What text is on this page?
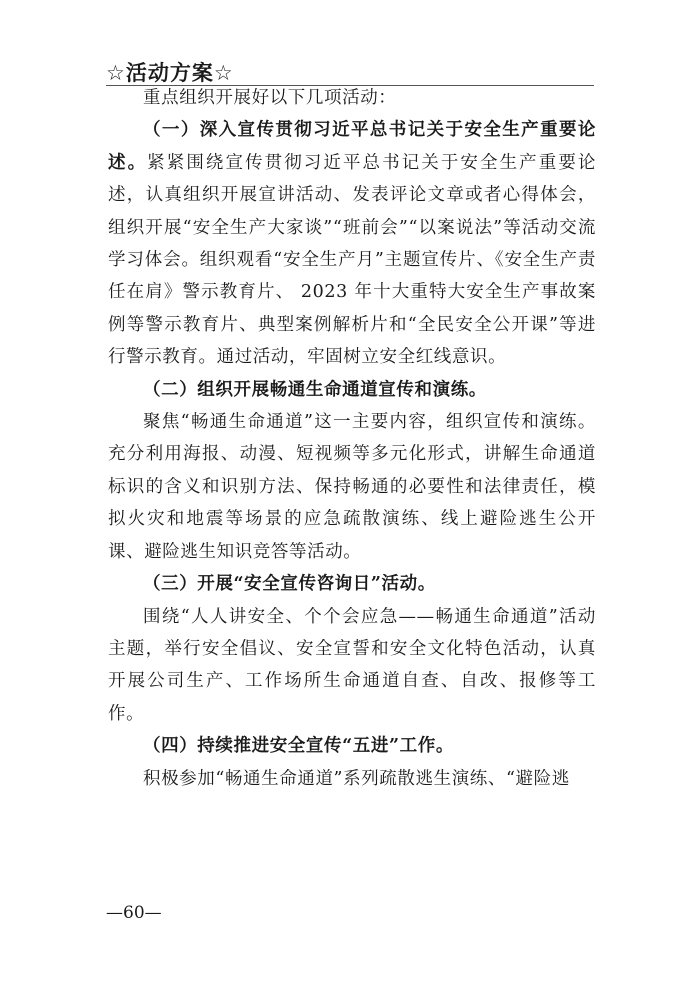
☆活动方案☆

重点组织开展好以下几项活动：

（一）深入宣传贯彻习近平总书记关于安全生产重要论述。紧紧围绕宣传贯彻习近平总书记关于安全生产重要论述，认真组织开展宣讲活动、发表评论文章或者心得体会，组织开展“安全生产大家谈”“班前会”“以案说法”等活动交流学习体会。组织观看“安全生产月”主题宣传片、《安全生产责任在肩》警示教育片、 2023 年十大重特大安全生产事故案例等警示教育片、典型案例解析片和“全民安全公开课”等进行警示教育。通过活动，牢固树立安全红线意识。

（二）组织开展畅通生命通道宣传和演练。

聚焦“畅通生命通道”这一主要内容，组织宣传和演练。充分利用海报、动漫、短视频等多元化形式，讲解生命通道标识的含义和识别方法、保持畅通的必要性和法律责任，模拟火灾和地震等场景的应急疏散演练、线上避险逃生公开课、避险逃生知识竞答等活动。

（三）开展“安全宣传咨询日”活动。

围绕“人人讲安全、个个会应急——畅通生命通道”活动主题，举行安全倡议、安全宣誓和安全文化特色活动，认真开展公司生产、工作场所生命通道自查、自改、报修等工作。

（四）持续推进安全宣传“五进”工作。

积极参加“畅通生命通道”系列疏散逃生演练、“避险逃

—60—
